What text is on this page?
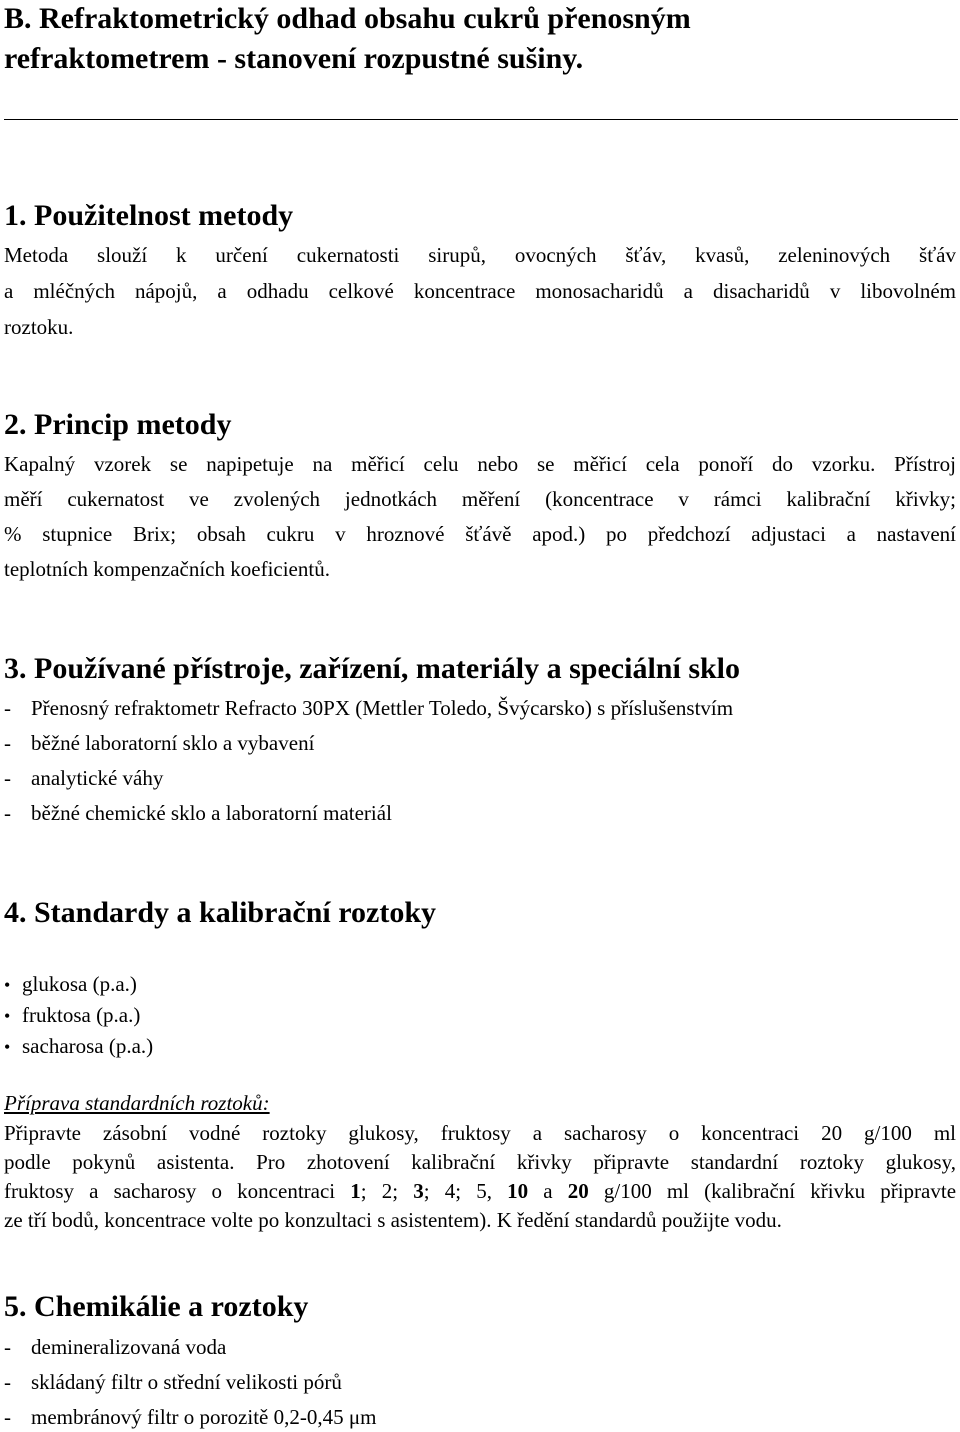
B. Refraktometrický odhad obsahu cukrů přenosným
refraktometrem - stanovení rozpustné sušiny.
1. Použitelnost metody
Metoda slouží k určení cukernatosti sirupů, ovocných šťáv, kvasů, zeleninových šťáv
a mléčných nápojů, a odhadu celkové koncentrace monosacharidů a disacharidů v libovolném
roztoku.
2. Princip metody
Kapalný vzorek se napipetuje na měřicí celu nebo se měřicí cela ponoří do vzorku. Přístroj
měří cukernatost ve zvolených jednotkách měření (koncentrace v rámci kalibrační křivky;
% stupnice Brix; obsah cukru v hroznové šťávě apod.) po předchozí adjustaci a nastavení
teplotních kompenzačních koeficientů.
3. Používané přístroje, zařízení, materiály a speciální sklo
- Přenosný refraktometr Refracto 30PX (Mettler Toledo, Švýcarsko) s příslušenstvím
- běžné laboratorní sklo a vybavení
- analytické váhy
- běžné chemické sklo a laboratorní materiál
4. Standardy a kalibrační roztoky
• glukosa (p.a.)
• fruktosa (p.a.)
• sacharosa (p.a.)
Příprava standardních roztoků:
Připravte zásobní vodné roztoky glukosy, fruktosy a sacharosy o koncentraci 20 g/100 ml
podle pokynů asistenta. Pro zhotovení kalibrační křivky připravte standardní roztoky glukosy,
fruktosy a sacharosy o koncentraci 1; 2; 3; 4; 5, 10 a 20 g/100 ml (kalibrační křivku připravte
ze tří bodů, koncentrace volte po konzultaci s asistentem). K ředění standardů použijte vodu.
5. Chemikálie a roztoky
- demineralizovaná voda
- skládaný filtr o střední velikosti pórů
- membránový filtr o porozitě 0,2-0,45 μm
